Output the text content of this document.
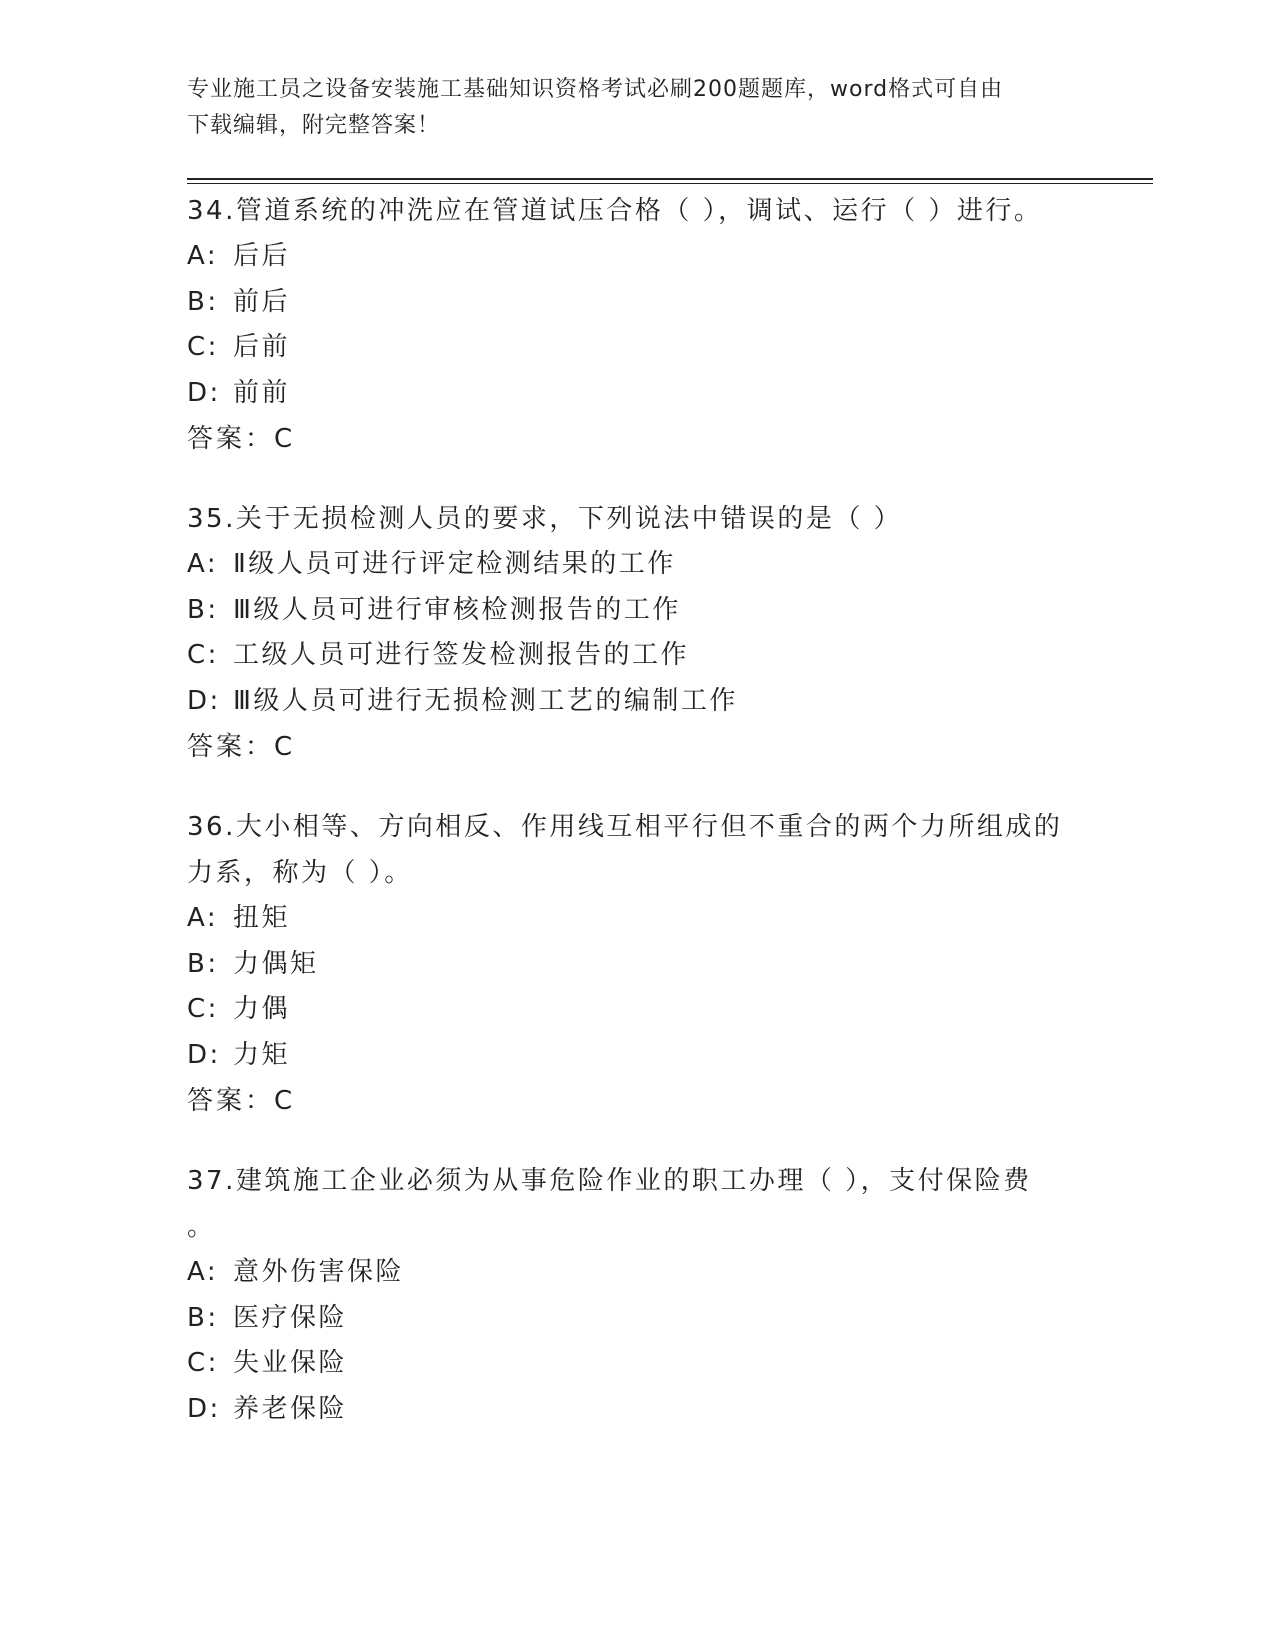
专业施工员之设备安装施工基础知识资格考试必刷200题题库，word格式可自由
下载编辑，附完整答案！

34.管道系统的冲洗应在管道试压合格（ ），调试、运行（ ）进行。

A: 后后
B: 前后
C: 后前
D: 前前
答案：C

35.关于无损检测人员的要求，下列说法中错误的是（ ）

A: Ⅱ级人员可进行评定检测结果的工作
B: Ⅲ级人员可进行审核检测报告的工作
C: 工级人员可进行签发检测报告的工作
D: Ⅲ级人员可进行无损检测工艺的编制工作
答案：C

36.大小相等、方向相反、作用线互相平行但不重合的两个力所组成的
力系，称为（ ）。

A: 扭矩
B: 力偶矩
C: 力偶
D: 力矩
答案：C

37.建筑施工企业必须为从事危险作业的职工办理（ ），支付保险费
。

A: 意外伤害保险
B: 医疗保险
C: 失业保险
D: 养老保险
